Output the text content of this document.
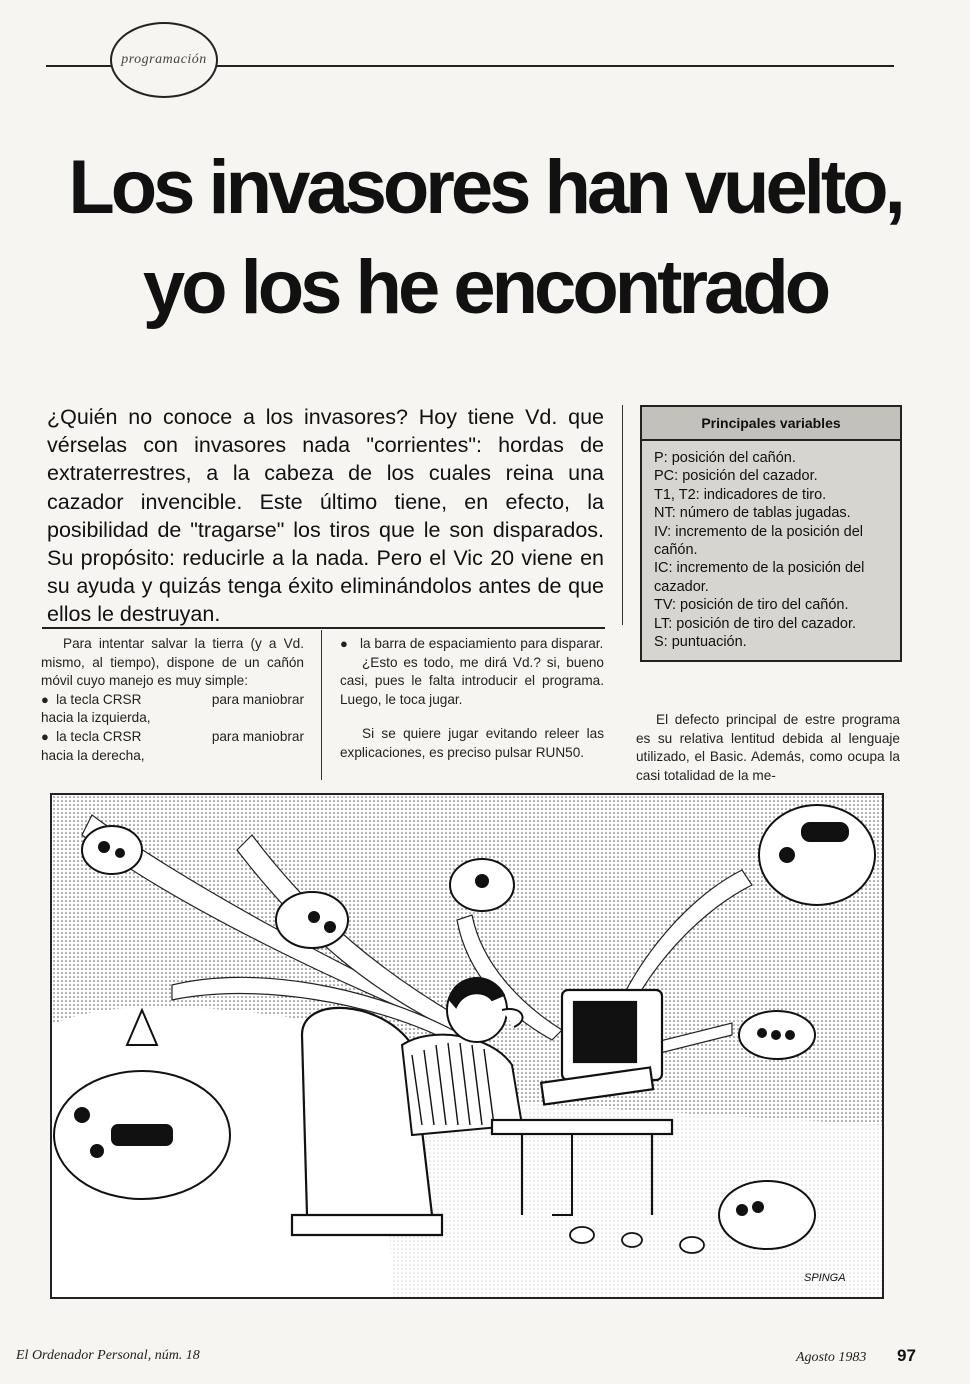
programación
Los invasores han vuelto,
yo los he encontrado
¿Quién no conoce a los invasores? Hoy tiene Vd. que vérselas con invasores nada "corrientes": hordas de extraterrestres, a la cabeza de los cuales reina una cazador invencible. Este último tiene, en efecto, la posibilidad de "tragarse" los tiros que le son disparados. Su propósito: reducirle a la nada. Pero el Vic 20 viene en su ayuda y quizás tenga éxito eliminándolos antes de que ellos le destruyan.

Para intentar salvar la tierra (y a Vd. mismo, al tiempo), dispone de un cañón móvil cuyo manejo es muy simple:

●  la tecla CRSR	para maniobrar
hacia la izquierda,
●  la tecla CRSR	para maniobrar
hacia la derecha,
● la barra de espaciamiento para disparar.

¿Esto es todo, me dirá Vd.? si, bueno casi, pues le falta introducir el programa. Luego, le toca jugar.

Si se quiere jugar evitando releer las explicaciones, es preciso pulsar RUN50.

Principales variables
P: posición del cañón.
PC: posición del cazador.
T1, T2: indicadores de tiro.
NT: número de tablas jugadas.
IV: incremento de la posición del cañón.
IC: incremento de la posición del cazador.
TV: posición de tiro del cañón.
LT: posición de tiro del cazador.
S: puntuación.

El defecto principal de estre programa es su relativa lentitud debida al lenguaje utilizado, el Basic. Además, como ocupa la casi totalidad de la me-

SPINGA
El Ordenador Personal, núm. 18	Agosto 1983 97
